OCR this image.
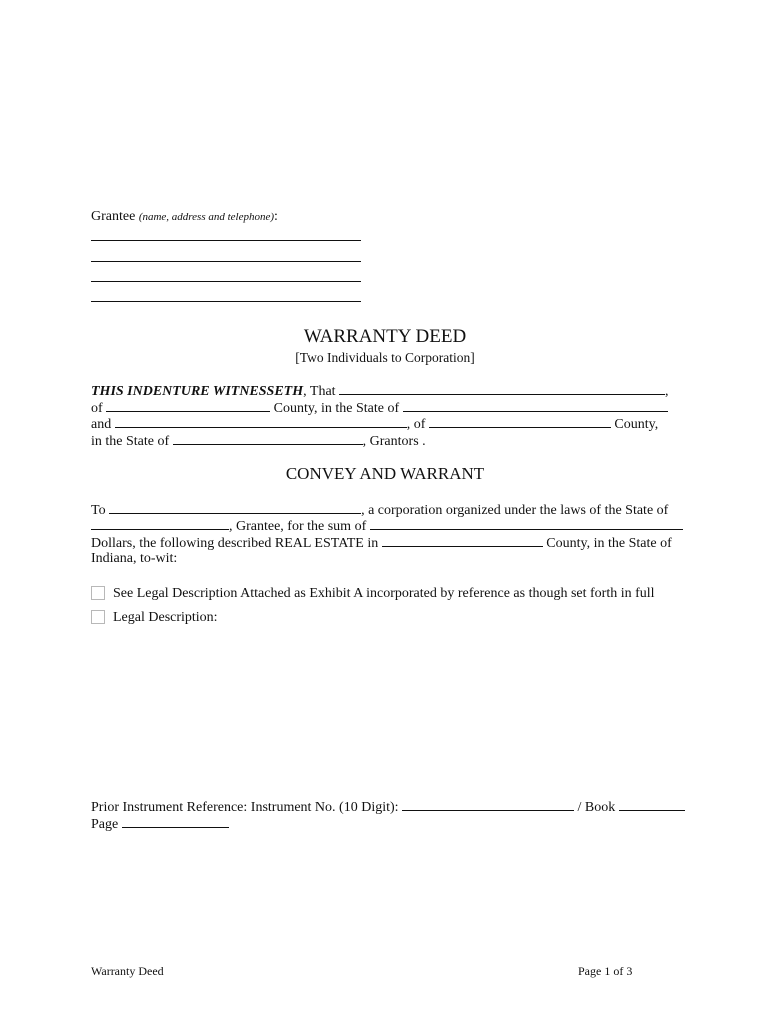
Grantee (name, address and telephone):
WARRANTY DEED
[Two Individuals to Corporation]
THIS INDENTURE WITNESSETH, That	,
of	County, in the State of
and	, of	County,
in the State of	, Grantors .
CONVEY AND WARRANT
To	, a corporation organized under the laws of the State of
, Grantee, for the sum of
Dollars, the following described REAL ESTATE in	County, in the State of
Indiana, to-wit:
See Legal Description Attached as Exhibit A incorporated by reference as though set forth in full
Legal Description:
Prior Instrument Reference: Instrument No. (10 Digit):	/ Book
Page
Warranty Deed	Page 1 of 3
